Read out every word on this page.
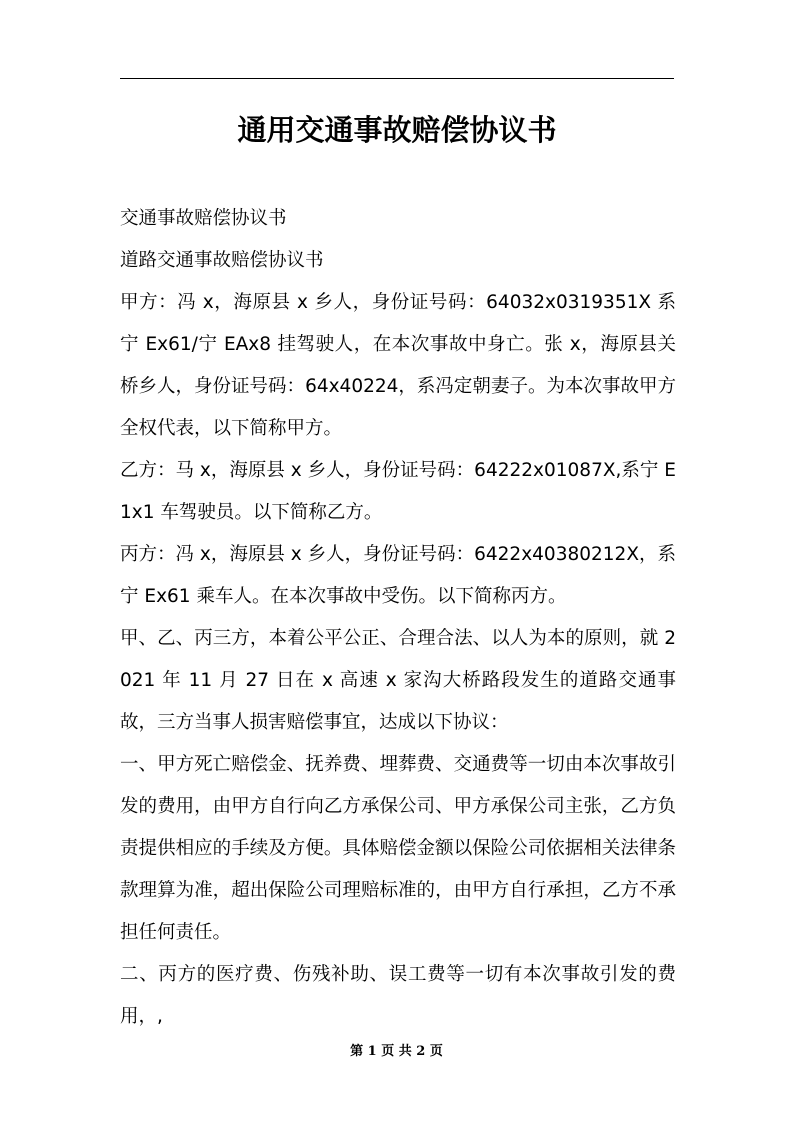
通用交通事故赔偿协议书

交通事故赔偿协议书

道路交通事故赔偿协议书

甲方：冯 x，海原县 x 乡人，身份证号码：64032x0319351X 系宁 Ex61/宁 EAx8 挂驾驶人，在本次事故中身亡。张 x，海原县关桥乡人，身份证号码：64x40224，系冯定朝妻子。为本次事故甲方全权代表，以下简称甲方。

乙方：马 x，海原县 x 乡人，身份证号码：64222x01087X,系宁 E1x1 车驾驶员。以下简称乙方。

丙方：冯 x，海原县 x 乡人，身份证号码：6422x40380212X，系宁 Ex61 乘车人。在本次事故中受伤。以下简称丙方。

甲、乙、丙三方，本着公平公正、合理合法、以人为本的原则，就 2021 年 11 月 27 日在 x 高速 x 家沟大桥路段发生的道路交通事故，三方当事人损害赔偿事宜，达成以下协议：

一、甲方死亡赔偿金、抚养费、埋葬费、交通费等一切由本次事故引发的费用，由甲方自行向乙方承保公司、甲方承保公司主张，乙方负责提供相应的手续及方便。具体赔偿金额以保险公司依据相关法律条款理算为准，超出保险公司理赔标准的，由甲方自行承担，乙方不承担任何责任。

二、丙方的医疗费、伤残补助、误工费等一切有本次事故引发的费用，,

第 1 页 共 2 页
